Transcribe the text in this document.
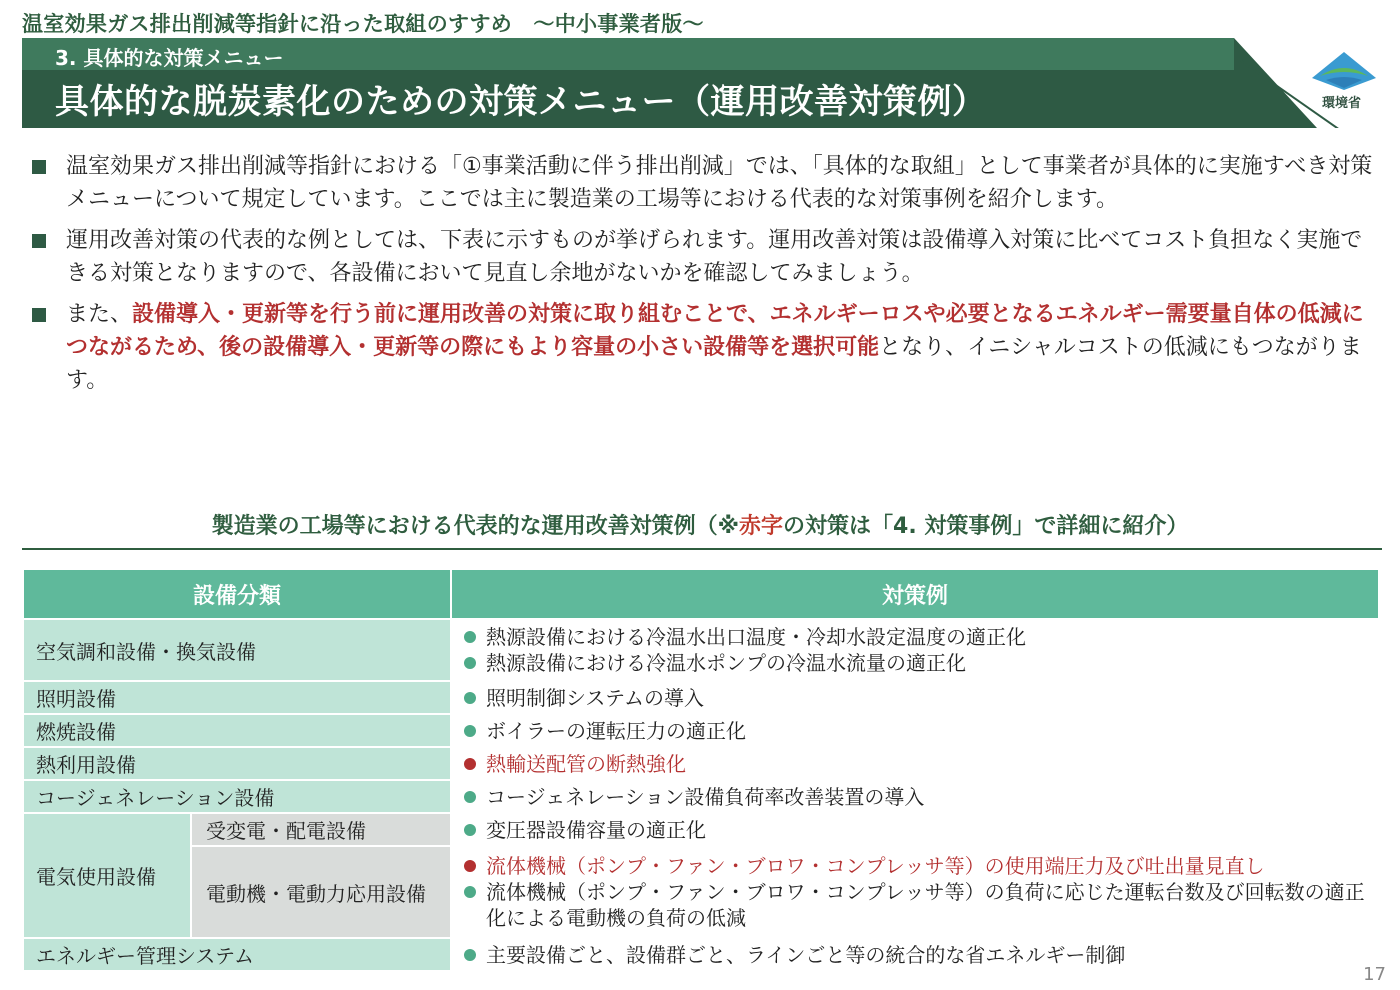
温室効果ガス排出削減等指針に沿った取組のすすめ　～中小事業者版～
3. 具体的な対策メニュー
具体的な脱炭素化のための対策メニュー（運用改善対策例）	環境省
温室効果ガス排出削減等指針における「①事業活動に伴う排出削減」では、「具体的な取組」として事業者が具体的に実施すべき対策メニューについて規定しています。ここでは主に製造業の工場等における代表的な対策事例を紹介します。
運用改善対策の代表的な例としては、下表に示すものが挙げられます。運用改善対策は設備導入対策に比べてコスト負担なく実施できる対策となりますので、各設備において見直し余地がないかを確認してみましょう。
また、設備導入・更新等を行う前に運用改善の対策に取り組むことで、エネルギーロスや必要となるエネルギー需要量自体の低減につながるため、後の設備導入・更新等の際にもより容量の小さい設備等を選択可能となり、イニシャルコストの低減にもつながります。
製造業の工場等における代表的な運用改善対策例（※赤字の対策は「4. 対策事例」で詳細に紹介）
設備分類		対策例
空気調和設備・換気設備		熱源設備における冷温水出口温度・冷却水設定温度の適正化
熱源設備における冷温水ポンプの冷温水流量の適正化

照明設備		照明制御システムの導入

燃焼設備		ボイラーの運転圧力の適正化

熱利用設備		熱輸送配管の断熱強化

コージェネレーション設備		コージェネレーション設備負荷率改善装置の導入

電気使用設備	受変電・配電設備	変圧器設備容量の適正化

	電動機・電動力応用設備	流体機械（ポンプ・ファン・ブロワ・コンプレッサ等）の使用端圧力及び吐出量見直し
流体機械（ポンプ・ファン・ブロワ・コンプレッサ等）の負荷に応じた運転台数及び回転数の適正化による電動機の負荷の低減

エネルギー管理システム		主要設備ごと、設備群ごと、ラインごと等の統合的な省エネルギー制御
17
